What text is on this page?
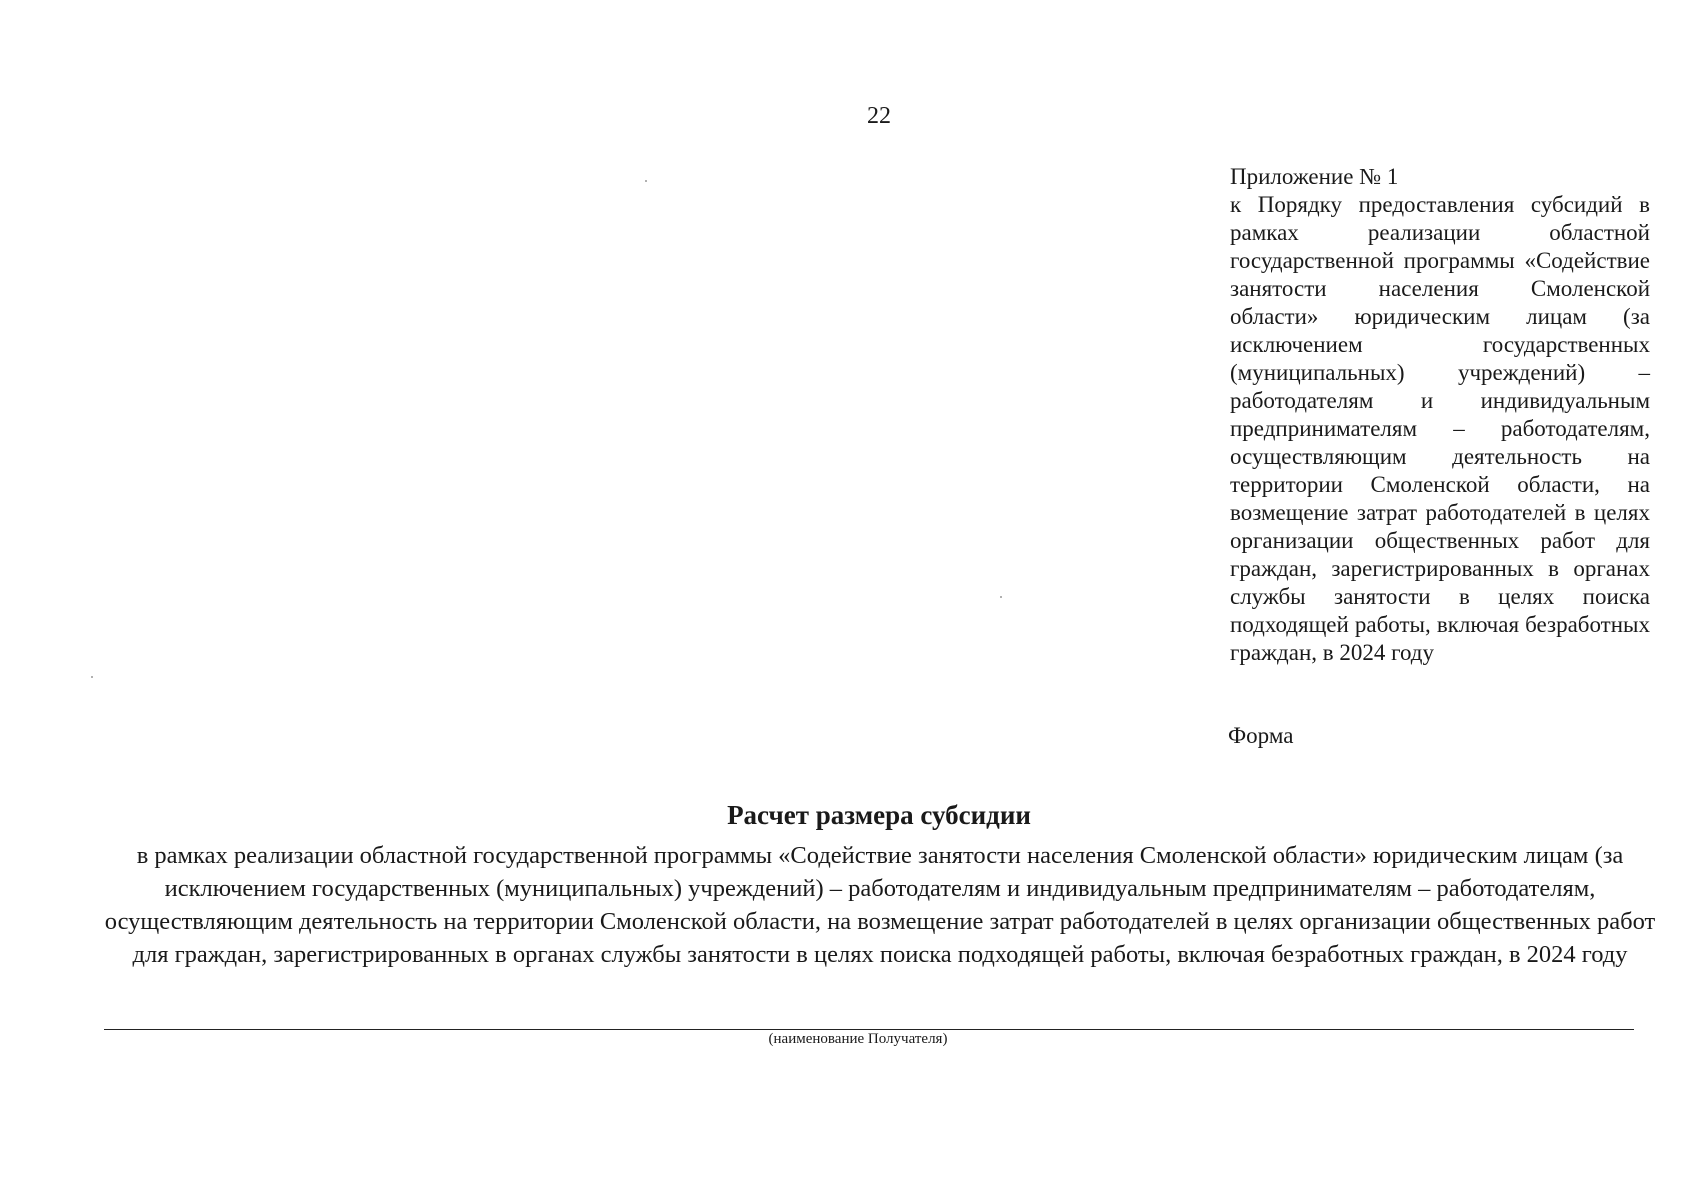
22
Приложение № 1
к Порядку предоставления субсидий в рамках реализации областной государственной программы «Содействие занятости населения Смоленской области» юридическим лицам (за исключением государственных (муниципальных) учреждений) – работодателям и индивидуальным предпринимателям – работодателям, осуществляющим деятельность на территории Смоленской области, на возмещение затрат работодателей в целях организации общественных работ для граждан, зарегистрированных в органах службы занятости в целях поиска подходящей работы, включая безработных граждан, в 2024 году
Форма
Расчет размера субсидии
в рамках реализации областной государственной программы «Содействие занятости населения Смоленской области» юридическим лицам (за исключением государственных (муниципальных) учреждений) – работодателям и индивидуальным предпринимателям – работодателям, осуществляющим деятельность на территории Смоленской области, на возмещение затрат работодателей в целях организации общественных работ для граждан, зарегистрированных в органах службы занятости в целях поиска подходящей работы, включая безработных граждан, в 2024 году
(наименование Получателя)
